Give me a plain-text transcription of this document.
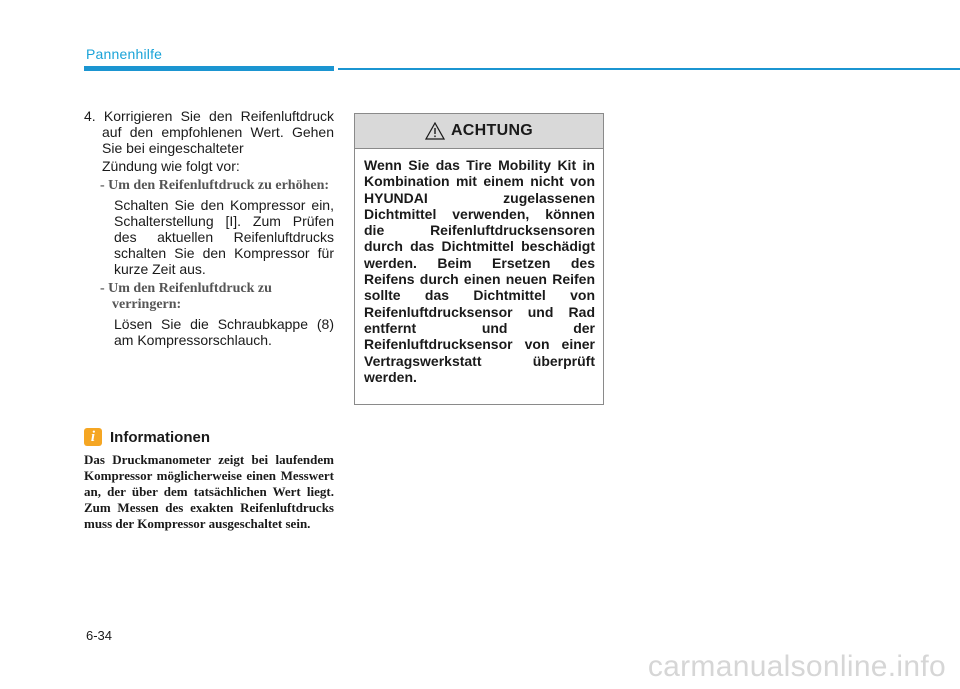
Pannenhilfe

4. Korrigieren Sie den Reifenluftdruck auf den empfohlenen Wert. Gehen Sie bei eingeschalteter

Zündung wie folgt vor:

- Um den Reifenluftdruck zu erhöhen:

Schalten Sie den Kompressor ein, Schalterstellung [I]. Zum Prüfen des aktuellen Reifenluftdrucks schalten Sie den Kompressor für kurze Zeit aus.

- Um den Reifenluftdruck zu verringern:

Lösen Sie die Schraubkappe (8) am Kompressorschlauch.

i Informationen

Das Druckmanometer zeigt bei laufendem Kompressor möglicherweise einen Messwert an, der über dem tatsächlichen Wert liegt. Zum Messen des exakten Reifenluftdrucks muss der Kompressor ausgeschaltet sein.

ACHTUNG

Wenn Sie das Tire Mobility Kit in Kombination mit einem nicht von HYUNDAI zugelassenen Dichtmittel verwenden, können die Reifenluftdrucksensoren durch das Dichtmittel beschädigt werden. Beim Ersetzen des Reifens durch einen neuen Reifen sollte das Dichtmittel von Reifenluftdrucksensor und Rad entfernt und der Reifenluftdrucksensor von einer Vertragswerkstatt überprüft werden.

6-34
carmanualsonline.info
